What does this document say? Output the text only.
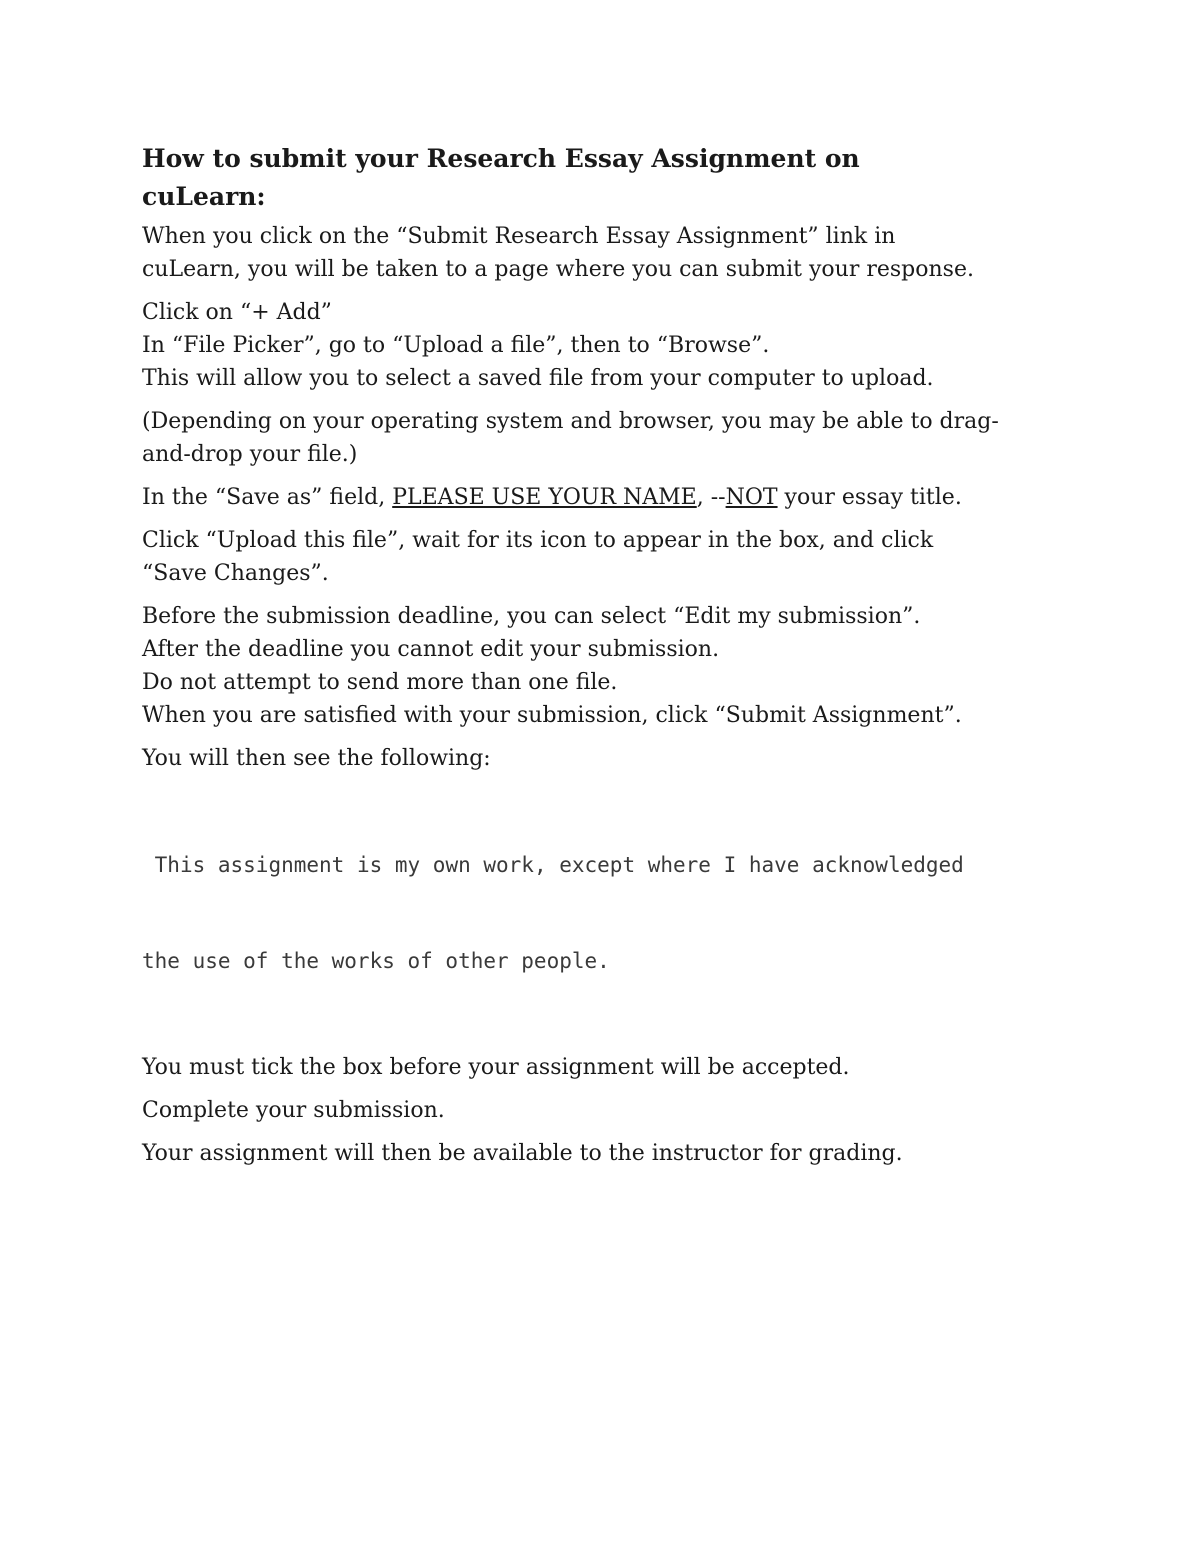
How to submit your Research Essay Assignment on
cuLearn:
When you click on the “Submit Research Essay Assignment” link in
cuLearn, you will be taken to a page where you can submit your response.
Click on “+ Add”
In “File Picker”, go to “Upload a file”, then to “Browse”.
This will allow you to select a saved file from your computer to upload.
(Depending on your operating system and browser, you may be able to drag-
and-drop your file.)
In the “Save as” field, PLEASE USE YOUR NAME, --NOT your essay title.
Click “Upload this file”, wait for its icon to appear in the box, and click
“Save Changes”.
Before the submission deadline, you can select “Edit my submission”.
After the deadline you cannot edit your submission.
Do not attempt to send more than one file.
When you are satisfied with your submission, click “Submit Assignment”.
You will then see the following:

This assignment is my own work, except where I have acknowledged

the use of the works of other people.

You must tick the box before your assignment will be accepted.
Complete your submission.
Your assignment will then be available to the instructor for grading.
